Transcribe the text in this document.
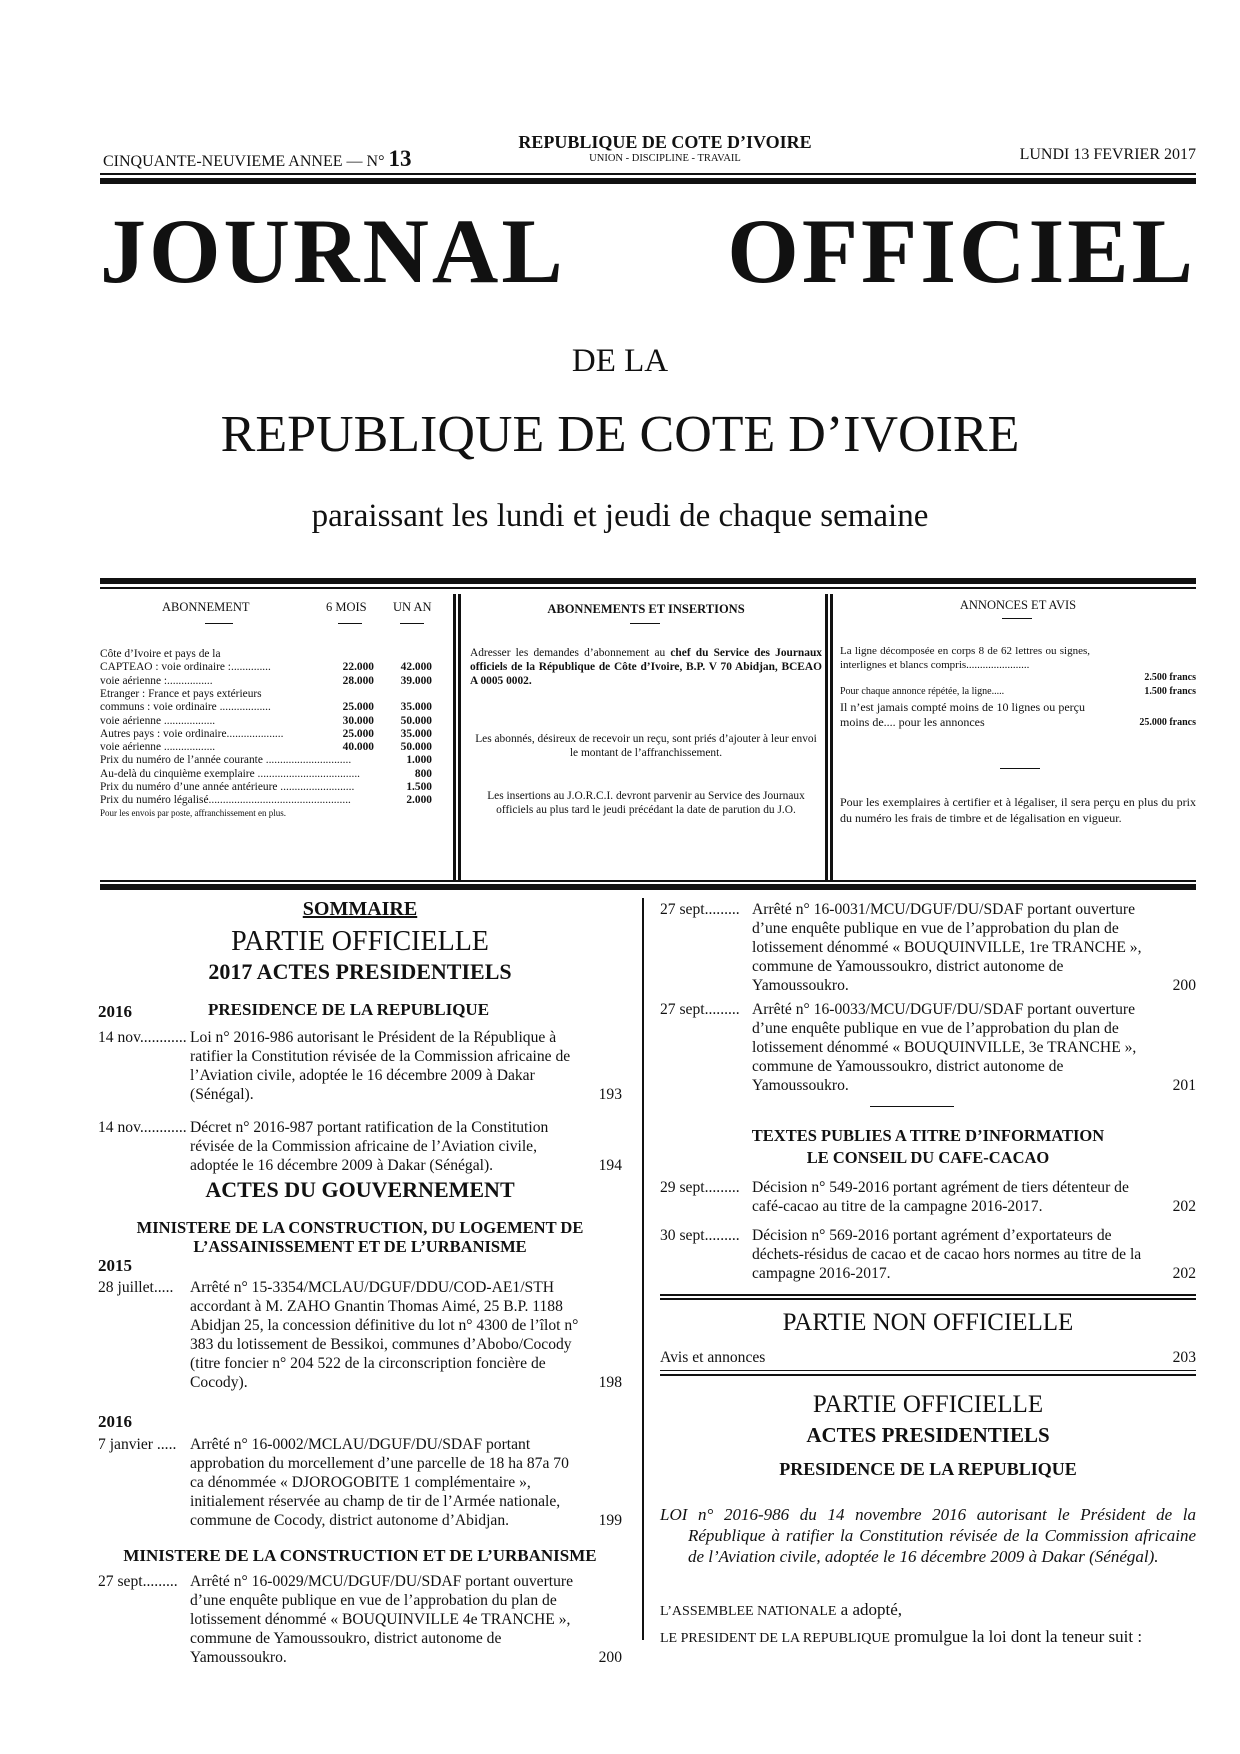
CINQUANTE-NEUVIEME ANNEE — N° 13
REPUBLIQUE DE COTE D’IVOIRE
UNION - DISCIPLINE - TRAVAIL	LUNDI 13 FEVRIER 2017
JOURNAL OFFICIEL
DE LA
REPUBLIQUE DE COTE D’IVOIRE
paraissant les lundi et jeudi de chaque semaine
ABONNEMENT	6 MOIS UN AN
Côte d’Ivoire et pays de la
CAPTEAO : voie ordinaire :..............	22.000	42.000
voie aérienne :................	28.000	39.000
Etranger : France et pays extérieurs
communs : voie ordinaire ..................	25.000	35.000
voie aérienne ..................	30.000	50.000
Autres pays : voie ordinaire....................	25.000	35.000
voie aérienne ..................	40.000	50.000
Prix du numéro de l’année courante ..............................	1.000
Au-delà du cinquième exemplaire ....................................	800
Prix du numéro d’une année antérieure ..........................	1.500
Prix du numéro légalisé..................................................	2.000
Pour les envois par poste, affranchissement en plus.
ABONNEMENTS ET INSERTIONS
Adresser les demandes d’abonnement au chef du Service des Journaux officiels de la République de Côte d’Ivoire, B.P. V 70 Abidjan, BCEAO A 0005 0002.
Les abonnés, désireux de recevoir un reçu, sont priés d’ajouter à leur envoi le montant de l’affranchissement.
Les insertions au J.O.R.C.I. devront parvenir au Service des Journaux officiels au plus tard le jeudi précédant la date de parution du J.O.
ANNONCES ET AVIS
La ligne décomposée en corps 8 de 62 lettres ou signes, interlignes et blancs compris.......................
2.500 francs
Pour chaque annonce répétée, la ligne.....	1.500 francs
Il n’est jamais compté moins de 10 lignes ou perçu moins de.... pour les annonces	25.000 francs
Pour les exemplaires à certifier et à légaliser, il sera perçu en plus du prix du numéro les frais de timbre et de légalisation en vigueur.
SOMMAIRE
PARTIE OFFICIELLE
2017 ACTES PRESIDENTIELS
2016	PRESIDENCE DE LA REPUBLIQUE
14 nov............ Loi n° 2016-986 autorisant le Président de la République à ratifier la Constitution révisée de la Commission africaine de l’Aviation civile, adoptée le 16 décembre 2009 à Dakar (Sénégal).	193
14 nov............ Décret n° 2016-987 portant ratification de la Constitution révisée de la Commission africaine de l’Aviation civile, adoptée le 16 décembre 2009 à Dakar (Sénégal).	194
ACTES DU GOUVERNEMENT
MINISTERE DE LA CONSTRUCTION, DU LOGEMENT DE L’ASSAINISSEMENT ET DE L’URBANISME
2015
28 juillet..... Arrêté n° 15-3354/MCLAU/DGUF/DDU/COD-AE1/STH accordant à M. ZAHO Gnantin Thomas Aimé, 25 B.P. 1188 Abidjan 25, la concession définitive du lot n° 4300 de l’îlot n° 383 du lotissement de Bessikoi, communes d’Abobo/Cocody (titre foncier n° 204 522 de la circonscription foncière de Cocody).	198
2016
7 janvier ..... Arrêté n° 16-0002/MCLAU/DGUF/DU/SDAF portant approbation du morcellement d’une parcelle de 18 ha 87a 70 ca dénommée « DJOROGOBITE 1 complémentaire », initialement réservée au champ de tir de l’Armée nationale, commune de Cocody, district autonome d’Abidjan.	199
MINISTERE DE LA CONSTRUCTION ET DE L’URBANISME
27 sept......... Arrêté n° 16-0029/MCU/DGUF/DU/SDAF portant ouverture d’une enquête publique en vue de l’approbation du plan de lotissement dénommé « BOUQUINVILLE 4e TRANCHE », commune de Yamoussoukro, district autonome de Yamoussoukro.	200
27 sept......... Arrêté n° 16-0031/MCU/DGUF/DU/SDAF portant ouverture d’une enquête publique en vue de l’approbation du plan de lotissement dénommé « BOUQUINVILLE, 1re TRANCHE », commune de Yamoussoukro, district autonome de Yamoussoukro.	200
27 sept......... Arrêté n° 16-0033/MCU/DGUF/DU/SDAF portant ouverture d’une enquête publique en vue de l’approbation du plan de lotissement dénommé « BOUQUINVILLE, 3e TRANCHE », commune de Yamoussoukro, district autonome de Yamoussoukro.	201
TEXTES PUBLIES A TITRE D’INFORMATION
LE CONSEIL DU CAFE-CACAO
29 sept......... Décision n° 549-2016 portant agrément de tiers détenteur de café-cacao au titre de la campagne 2016-2017.	202
30 sept......... Décision n° 569-2016 portant agrément d’exportateurs de déchets-résidus de cacao et de cacao hors normes au titre de la campagne 2016-2017.	202
PARTIE NON OFFICIELLE
Avis et annonces	203
PARTIE OFFICIELLE
ACTES PRESIDENTIELS
PRESIDENCE DE LA REPUBLIQUE
LOI n° 2016-986 du 14 novembre 2016 autorisant le Président de la République à ratifier la Constitution révisée de la Commission africaine de l’Aviation civile, adoptée le 16 décembre 2009 à Dakar (Sénégal).
L’ASSEMBLEE NATIONALE a adopté,
LE PRESIDENT DE LA REPUBLIQUE promulgue la loi dont la teneur suit :
